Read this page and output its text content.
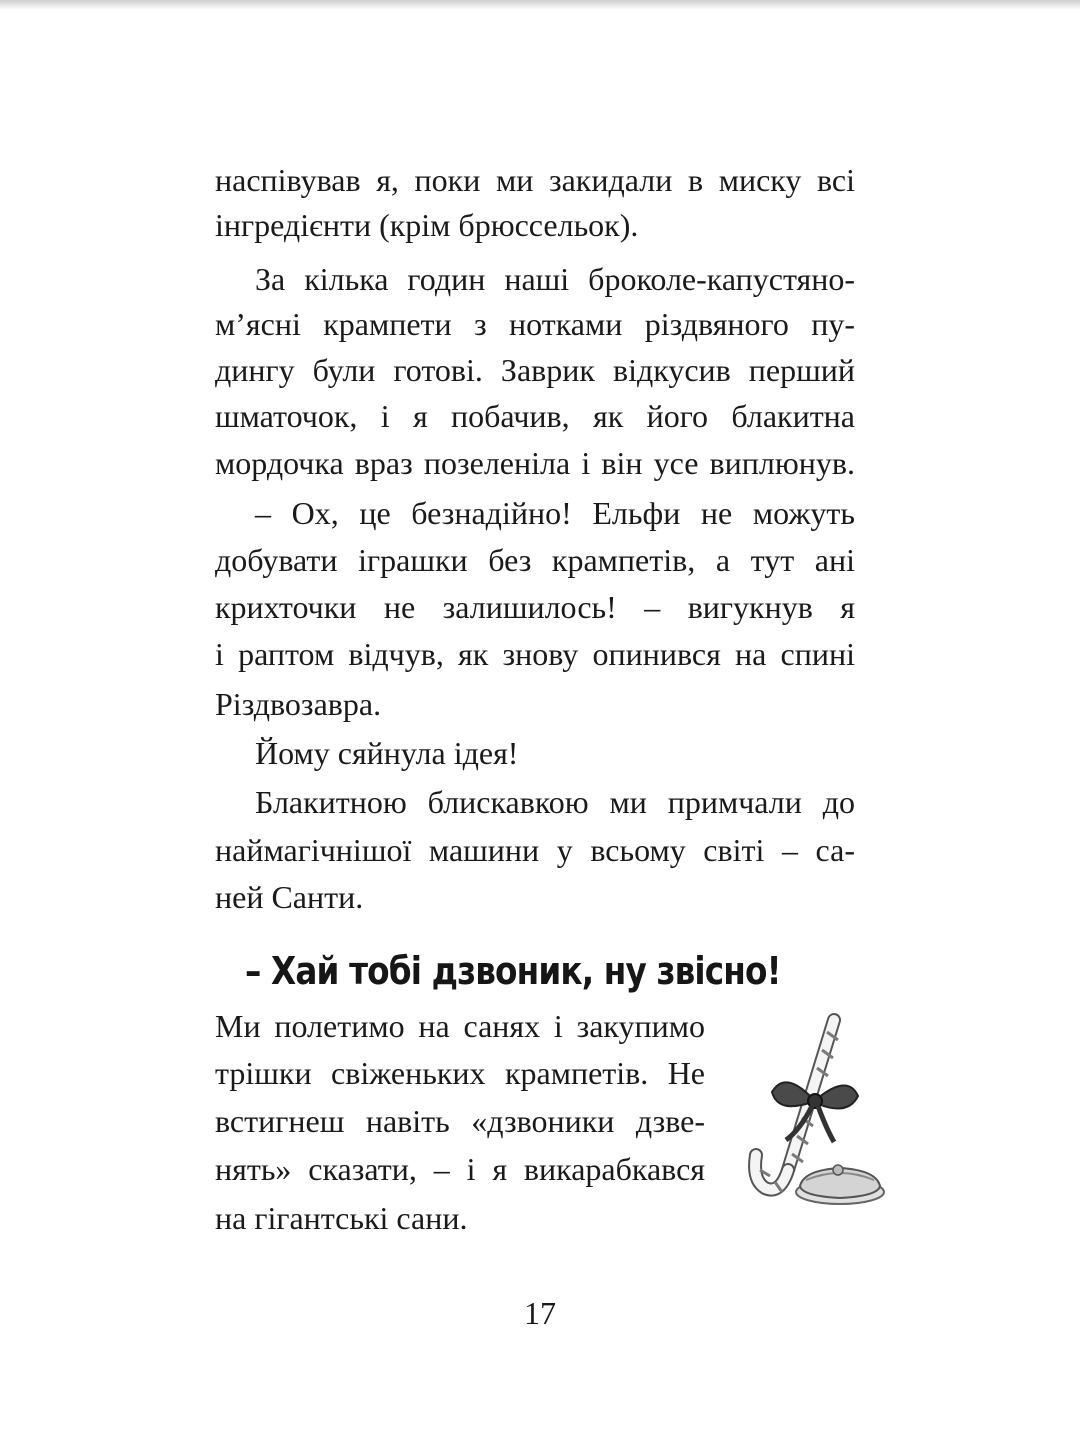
наспівував я, поки ми закидали в миску всі
інгредієнти (крім брюссельок).
За кілька годин наші броколе-капустяно-
м’ясні крампети з нотками різдвяного пу-
дингу були готові. Заврик відкусив перший
шматочок, і я побачив, як його блакитна
мордочка враз позеленіла і він усе виплюнув.
– Ох, це безнадійно! Ельфи не можуть
добувати іграшки без крампетів, а тут ані
крихточки не залишилось! – вигукнув я
і раптом відчув, як знову опинився на спині
Різдвозавра.
Йому сяйнула ідея!
Блакитною блискавкою ми примчали до
наймагічнішої машини у всьому світі – са-
ней Санти.
– Хай тобі дзвоник, ну звісно!
Ми полетимо на санях і закупимо
трішки свіженьких крампетів. Не
встигнеш навіть «дзвоники дзве-
нять» сказати, – і я викарабкався
на гігантські сани.
17
